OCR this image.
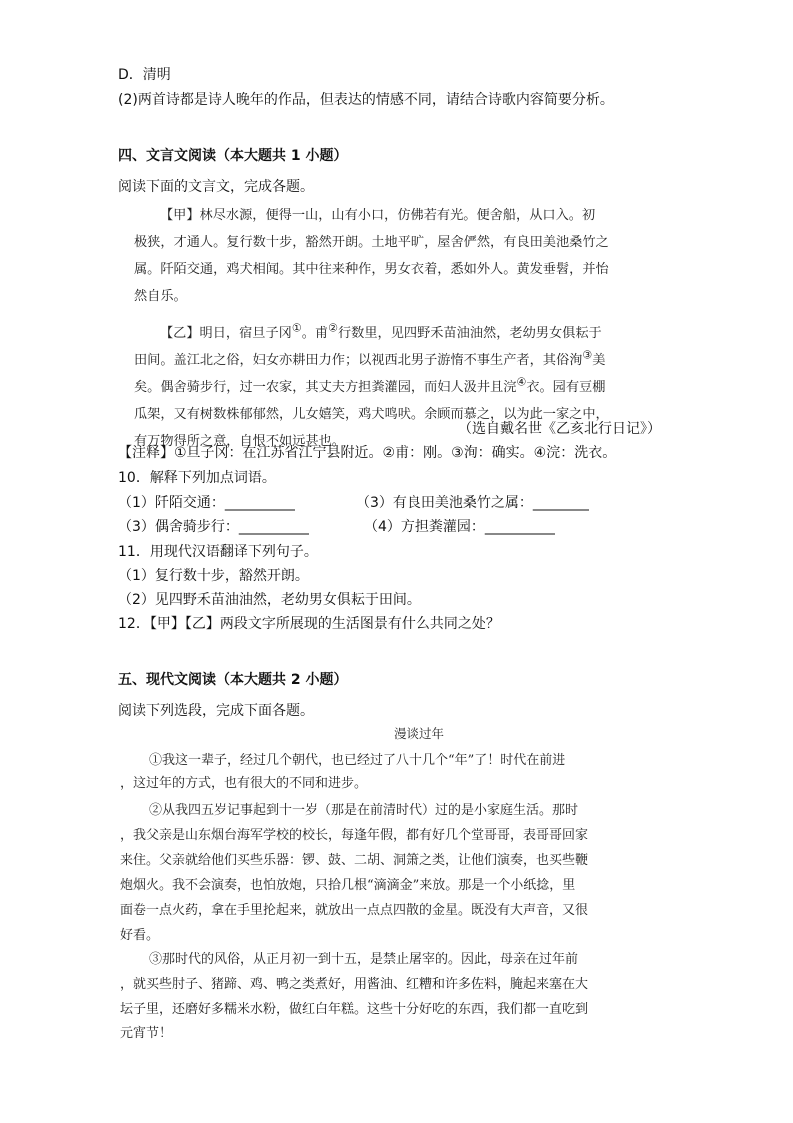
D．清明
(2)两首诗都是诗人晚年的作品，但表达的情感不同，请结合诗歌内容简要分析。
四、文言文阅读（本大题共 1 小题）
阅读下面的文言文，完成各题。
【甲】林尽水源，便得一山，山有小口，仿佛若有光。便舍船，从口入。初
极狭，才通人。复行数十步，豁然开朗。土地平旷，屋舍俨然，有良田美池桑竹之
属。阡陌交通，鸡犬相闻。其中往来种作，男女衣着，悉如外人。黄发垂髫，并怡
然自乐。
【乙】明日，宿旦子冈①。甫②行数里，见四野禾苗油油然，老幼男女俱耘于
田间。盖江北之俗，妇女亦耕田力作；以视西北男子游惰不事生产者，其俗洵③美
矣。偶舍骑步行，过一农家，其丈夫方担粪灌园，而妇人汲井且浣④衣。园有豆棚
瓜架，又有树数株郁郁然，儿女嬉笑，鸡犬鸣吠。余顾而慕之，以为此一家之中，
有万物得所之意，自恨不如远甚也。
（选自戴名世《乙亥北行日记》）
【注释】①旦子冈：在江苏省江宁县附近。②甫：刚。③洵：确实。④浣：洗衣。
10．解释下列加点词语。
（1）阡陌交通：__________	（3）有良田美池桑竹之属：________
（3）偶舍骑步行：__________	（4）方担粪灌园：__________
11．用现代汉语翻译下列句子。
（1）复行数十步，豁然开朗。
（2）见四野禾苗油油然，老幼男女俱耘于田间。
12．【甲】【乙】两段文字所展现的生活图景有什么共同之处？
五、现代文阅读（本大题共 2 小题）
阅读下列选段，完成下面各题。
漫谈过年
①我这一辈子，经过几个朝代，也已经过了八十几个“年”了！时代在前进
，这过年的方式，也有很大的不同和进步。
②从我四五岁记事起到十一岁（那是在前清时代）过的是小家庭生活。那时
，我父亲是山东烟台海军学校的校长，每逢年假，都有好几个堂哥哥，表哥哥回家
来住。父亲就给他们买些乐器：锣、鼓、二胡、洞箫之类，让他们演奏，也买些鞭
炮烟火。我不会演奏，也怕放炮，只拾几根“滴滴金”来放。那是一个小纸捻，里
面卷一点火药，拿在手里抡起来，就放出一点点四散的金星。既没有大声音，又很
好看。
③那时代的风俗，从正月初一到十五，是禁止屠宰的。因此，母亲在过年前
，就买些肘子、猪蹄、鸡、鸭之类煮好，用酱油、红糟和许多佐料，腌起来塞在大
坛子里，还磨好多糯米水粉，做红白年糕。这些十分好吃的东西，我们都一直吃到
元宵节！
